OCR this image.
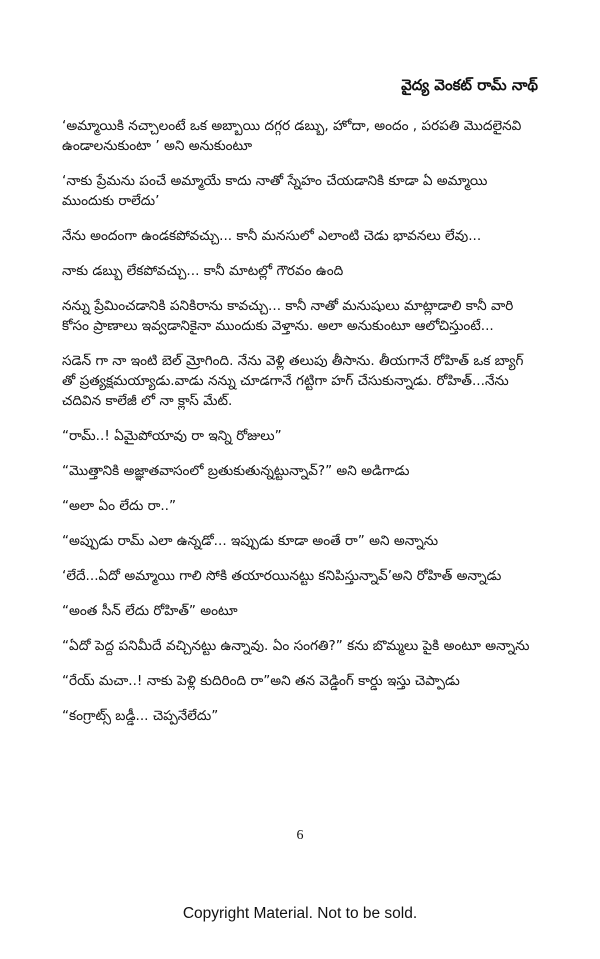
వైద్య వెంకట్ రామ్ నాథ్

‘అమ్మాయికి నచ్చాలంటే ఒక అబ్బాయి దగ్గర డబ్బు, హోదా, అందం , పరపతి మొదలైనవి ఉండాలనుకుంటా ’ అని అనుకుంటూ

‘నాకు ప్రేమను పంచే అమ్మాయే కాదు నాతో స్నేహం చేయడానికి కూడా ఏ అమ్మాయి ముందుకు రాలేదు’

నేను అందంగా ఉండకపోవచ్చు... కానీ మనసులో ఎలాంటి చెడు భావనలు లేవు...

నాకు డబ్బు లేకపోవచ్చు... కానీ మాటల్లో గౌరవం ఉంది

నన్ను ప్రేమించడానికి పనికిరాను కావచ్చు... కానీ నాతో మనుషులు మాట్లాడాలి కానీ వారి కోసం ప్రాణాలు ఇవ్వడానికైనా ముందుకు వెళ్తాను. అలా అనుకుంటూ ఆలోచిస్తుంటే...

సడెన్ గా నా ఇంటి బెల్ మ్రోగింది. నేను వెళ్లి తలుపు తీసాను. తీయగానే రోహిత్ ఒక బ్యాగ్ తో ప్రత్యక్షమయ్యాడు.వాడు నన్ను చూడగానే గట్టిగా హగ్ చేసుకున్నాడు. రోహిత్...నేను చదివిన కాలేజీ లో నా క్లాస్ మేట్.

“రామ్..! ఏమైపోయావు రా ఇన్ని రోజులు”

“మొత్తానికి అజ్ఞాతవాసంలో బ్రతుకుతున్నట్టున్నావ్?” అని అడిగాడు

“అలా ఏం లేదు రా..”

“అప్పుడు రామ్ ఎలా ఉన్నడో... ఇప్పుడు కూడా అంతే రా” అని అన్నాను

‘లేదే...ఏదో అమ్మాయి గాలి సోకి తయారయినట్టు కనిపిస్తున్నావ్’అని రోహిత్ అన్నాడు

“అంత సీన్ లేదు రోహిత్” అంటూ

“ఏదో పెద్ద పనిమీదే వచ్చినట్టు ఉన్నావు. ఏం సంగతి?” కను బొమ్మలు పైకి అంటూ అన్నాను

“రేయ్ మచా..! నాకు పెళ్లి కుదిరింది రా”అని తన వెడ్డింగ్ కార్డు ఇస్తు చెప్పాడు

“కంగ్రాట్స్ బడ్డీ... చెప్పనేలేదు”

6
Copyright Material. Not to be sold.
